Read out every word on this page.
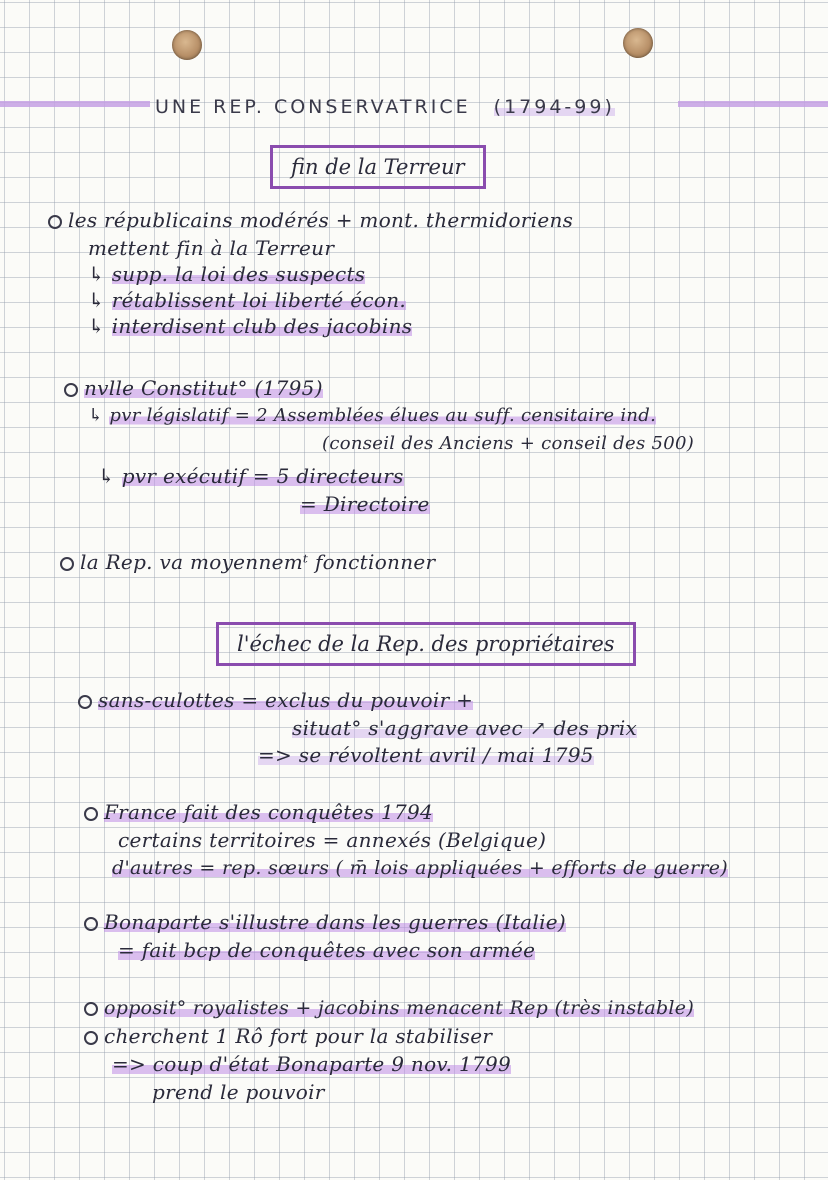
UNE REP. CONSERVATRICE (1794-99)
fin de la Terreur
les républicains modérés + mont. thermidoriens
mettent fin à la Terreur
↳ supp. la loi des suspects
↳ rétablissent loi liberté écon.
↳ interdisent club des jacobins
nvlle Constitut° (1795)
↳ pvr législatif = 2 Assemblées élues au suff. censitaire ind.
(conseil des Anciens + conseil des 500)
↳ pvr exécutif = 5 directeurs
= Directoire
la Rep. va moyennemᵗ fonctionner
l'échec de la Rep. des propriétaires
sans-culottes = exclus du pouvoir +
situat° s'aggrave avec ↗ des prix
=> se révoltent avril / mai 1795
France fait des conquêtes 1794
certains territoires = annexés (Belgique)
d'autres = rep. sœurs ( m̄ lois appliquées + efforts de guerre)
Bonaparte s'illustre dans les guerres (Italie)
= fait bcp de conquêtes avec son armée
opposit° royalistes + jacobins menacent Rep (très instable)
cherchent 1 Rô fort pour la stabiliser
=> coup d'état Bonaparte 9 nov. 1799
prend le pouvoir
